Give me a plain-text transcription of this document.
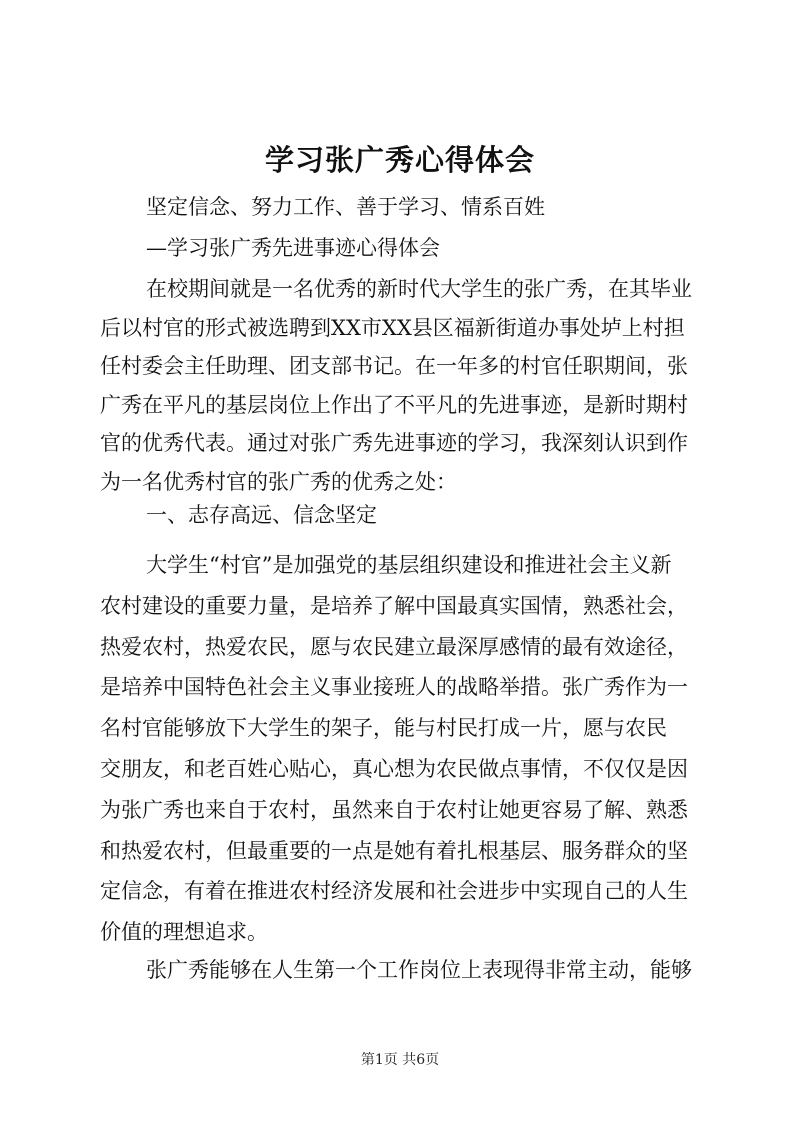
学习张广秀心得体会
坚定信念、努力工作、善于学习、情系百姓
—学习张广秀先进事迹心得体会
在校期间就是一名优秀的新时代大学生的张广秀，在其毕业
后以村官的形式被选聘到XX市XX县区福新街道办事处垆上村担
任村委会主任助理、团支部书记。在一年多的村官任职期间，张
广秀在平凡的基层岗位上作出了不平凡的先进事迹，是新时期村
官的优秀代表。通过对张广秀先进事迹的学习，我深刻认识到作
为一名优秀村官的张广秀的优秀之处：
一、志存高远、信念坚定
大学生“村官”是加强党的基层组织建设和推进社会主义新
农村建设的重要力量，是培养了解中国最真实国情，熟悉社会，
热爱农村，热爱农民，愿与农民建立最深厚感情的最有效途径，
是培养中国特色社会主义事业接班人的战略举措。张广秀作为一
名村官能够放下大学生的架子，能与村民打成一片，愿与农民
交朋友，和老百姓心贴心，真心想为农民做点事情，不仅仅是因
为张广秀也来自于农村，虽然来自于农村让她更容易了解、熟悉
和热爱农村，但最重要的一点是她有着扎根基层、服务群众的坚
定信念，有着在推进农村经济发展和社会进步中实现自己的人生
价值的理想追求。
张广秀能够在人生第一个工作岗位上表现得非常主动，能够
第1页 共6页
